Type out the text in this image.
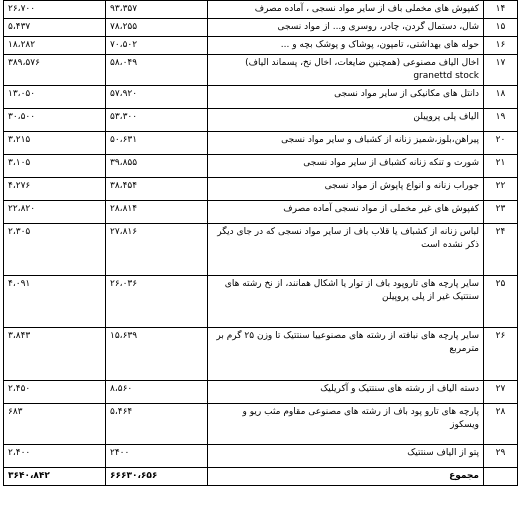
۱۴	کفپوش های مخملی باف از سایر مواد نسجی ، آماده مصرف	۹۳،۳۵۷	۲۶،۷۰۰
۱۵	شال، دستمال گردن، چادر، روسری و... از مواد نسجی	۷۸،۲۵۵	۵،۴۳۷
۱۶	حوله های بهداشتی، تامپون، پوشاک و پوشک بچه و ...	۷۰،۵۰۲	۱۸،۲۸۲
۱۷	اخال الیاف مصنوعی (همچنین ضایعات، اخال نخ، پسماند الیاف) granettd stock	۵۸،۰۴۹	۳۸۹،۵۷۶
۱۸	دانتل های مکانیکی از سایر مواد نسجی	۵۷،۹۲۰	۱۳،۰۵۰
۱۹	الیاف پلی پروپیلن	۵۳،۳۰۰	۳۰،۵۰۰
۲۰	پیراهن،بلوز،شمیز زنانه از کشباف و سایر مواد نسجی	۵۰،۶۳۱	۳،۲۱۵
۲۱	شورت و تنکه زنانه کشباف از سایر مواد نسجی	۳۹،۸۵۵	۳،۱۰۵
۲۲	جوراب زنانه و انواع پاپوش از مواد نسجی	۳۸،۴۵۴	۴،۲۷۶
۲۳	کفپوش های غیر مخملی از مواد نسجی آماده مصرف	۲۸،۸۱۴	۲۲،۸۲۰
۲۴	لباس زنانه از کشباف یا قلاب باف از سایر مواد نسجی که در جای دیگر ذکر نشده است	۲۷،۸۱۶	۲،۳۰۵
۲۵	سایر پارچه های تاروپود باف از توار یا اشکال همانند، از نخ رشته های سنتتیک غیر از پلی پروپیلن	۲۶،۰۳۶	۴،۰۹۱
۲۶	سایر پارچه های نبافته از رشته های مصنوعییا سنتتیک تا وزن ۲۵ گرم بر مترمربع	۱۵،۶۳۹	۳،۸۴۳
۲۷	دسته الیاف از رشته های سنتتیک و آکریلیک	۸،۵۶۰	۲،۴۵۰
۲۸	پارچه های تارو پود باف از رشته های مصنوعی مقاوم مثب ریو و ویسکوز	۵،۴۶۴	۶۸۳
۲۹	پتو از الیاف سنتتیک	۲۴۰۰	۲،۴۰۰
	مجموع	۶۶۶۳۰،۶۵۶	۳۶۴۰،۸۴۲
